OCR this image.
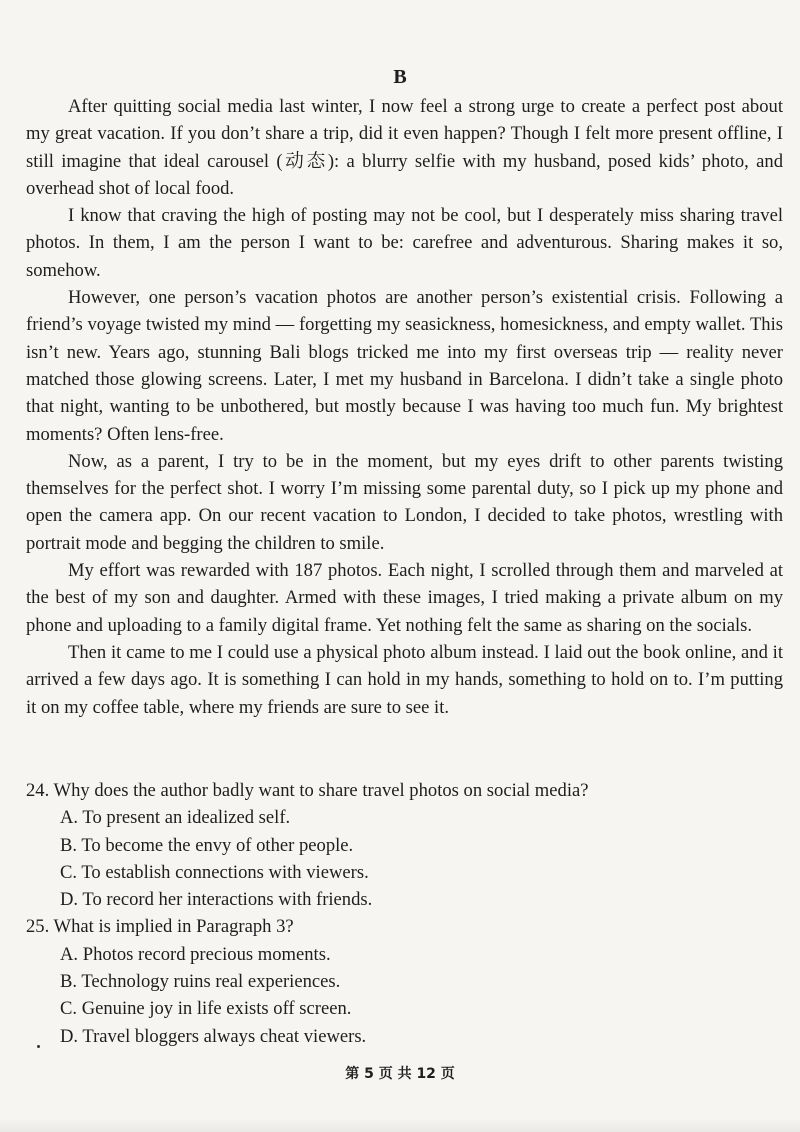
B

After quitting social media last winter, I now feel a strong urge to create a perfect post about my great vacation. If you don’t share a trip, did it even happen? Though I felt more present offline, I still imagine that ideal carousel (动态): a blurry selfie with my husband, posed kids’ photo, and overhead shot of local food.

I know that craving the high of posting may not be cool, but I desperately miss sharing travel photos. In them, I am the person I want to be: carefree and adventurous. Sharing makes it so, somehow.

However, one person’s vacation photos are another person’s existential crisis. Following a friend’s voyage twisted my mind — forgetting my seasickness, homesickness, and empty wallet. This isn’t new. Years ago, stunning Bali blogs tricked me into my first overseas trip — reality never matched those glowing screens. Later, I met my husband in Barcelona. I didn’t take a single photo that night, wanting to be unbothered, but mostly because I was having too much fun. My brightest moments? Often lens-free.

Now, as a parent, I try to be in the moment, but my eyes drift to other parents twisting themselves for the perfect shot. I worry I’m missing some parental duty, so I pick up my phone and open the camera app. On our recent vacation to London, I decided to take photos, wrestling with portrait mode and begging the children to smile.

My effort was rewarded with 187 photos. Each night, I scrolled through them and marveled at the best of my son and daughter. Armed with these images, I tried making a private album on my phone and uploading to a family digital frame. Yet nothing felt the same as sharing on the socials.

Then it came to me I could use a physical photo album instead. I laid out the book online, and it arrived a few days ago. It is something I can hold in my hands, something to hold on to. I’m putting it on my coffee table, where my friends are sure to see it.

24. Why does the author badly want to share travel photos on social media?
A. To present an idealized self.
B. To become the envy of other people.
C. To establish connections with viewers.
D. To record her interactions with friends.
25. What is implied in Paragraph 3?
A. Photos record precious moments.
B. Technology ruins real experiences.
C. Genuine joy in life exists off screen.
D. Travel bloggers always cheat viewers.
第 5 页 共 12 页
